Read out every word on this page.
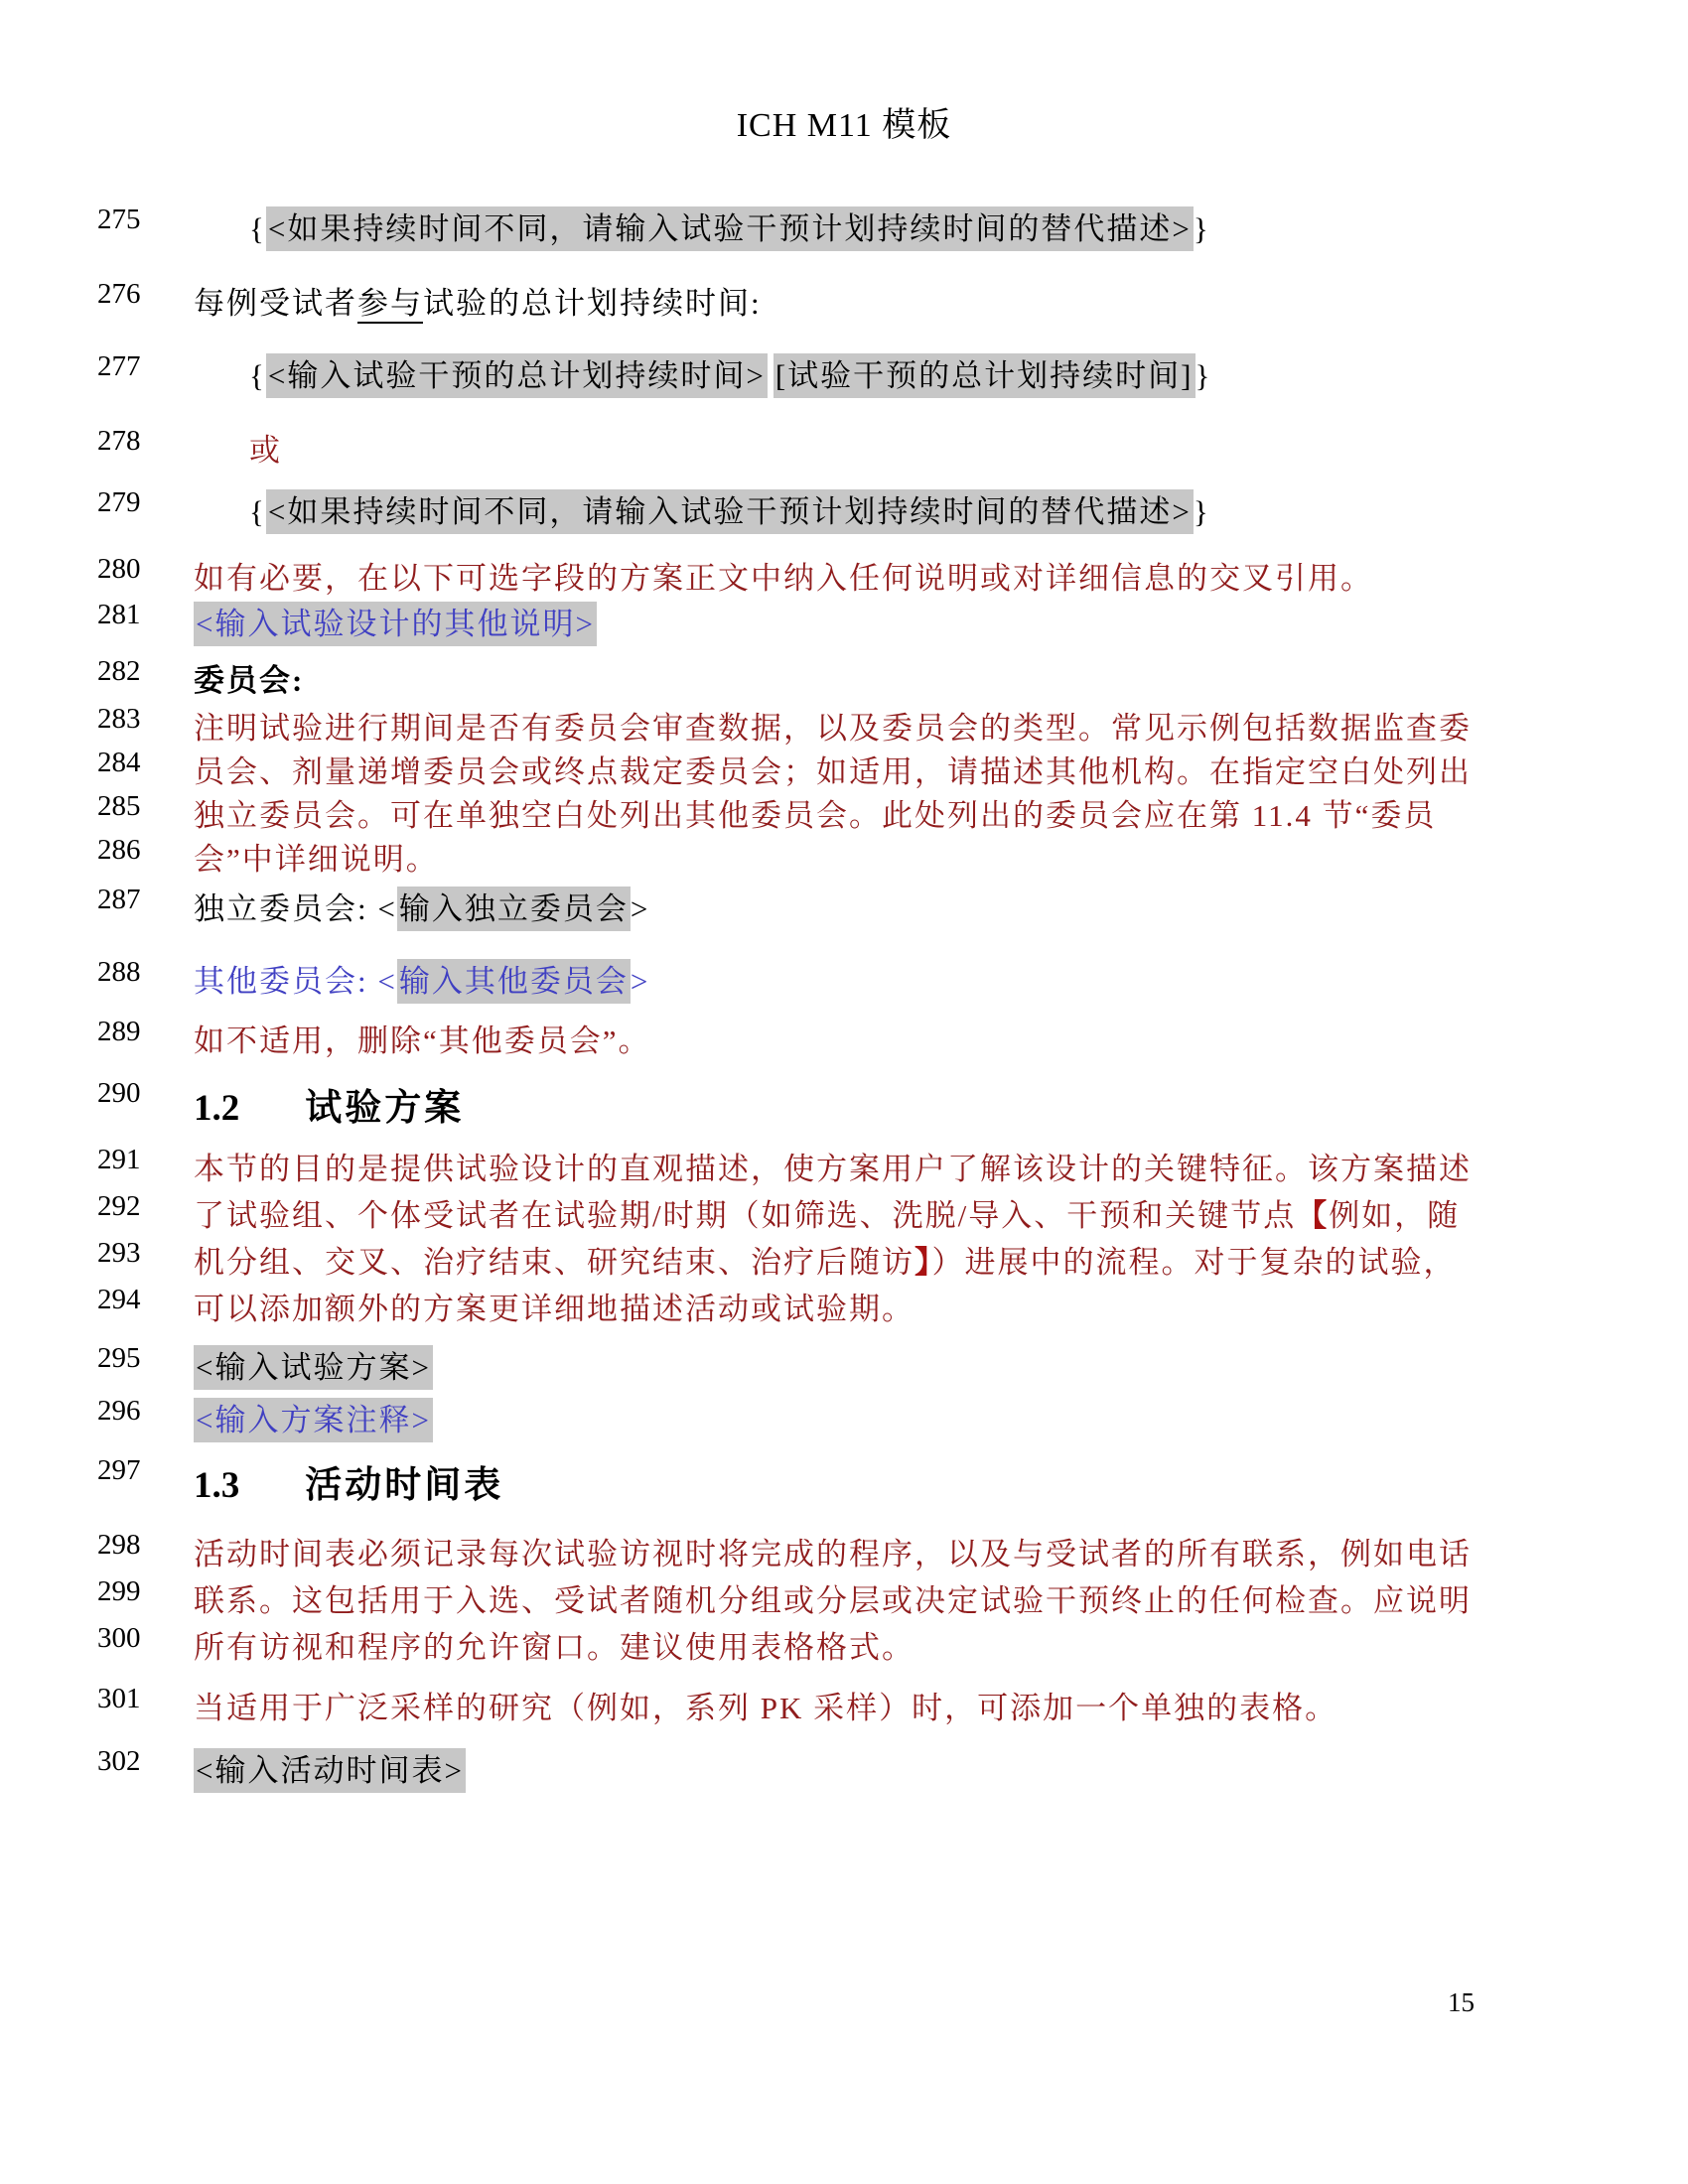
ICH M11 模板
275	{<如果持续时间不同，请输入试验干预计划持续时间的替代描述>}
276 每例受试者参与试验的总计划持续时间:
277	{<输入试验干预的总计划持续时间> [试验干预的总计划持续时间]}
278	或
279	{<如果持续时间不同，请输入试验干预计划持续时间的替代描述>}
280 如有必要，在以下可选字段的方案正文中纳入任何说明或对详细信息的交叉引用。
281 <输入试验设计的其他说明>
282 委员会:
283 注明试验进行期间是否有委员会审查数据，以及委员会的类型。常见示例包括数据监查委
284 员会、剂量递增委员会或终点裁定委员会；如适用，请描述其他机构。在指定空白处列出
285 独立委员会。可在单独空白处列出其他委员会。此处列出的委员会应在第 11.4 节“委员
286 会”中详细说明。
287 独立委员会: <输入独立委员会>
288 其他委员会: <输入其他委员会>
289 如不适用，删除“其他委员会”。
290 1.2 试验方案
291 本节的目的是提供试验设计的直观描述，使方案用户了解该设计的关键特征。该方案描述
292 了试验组、个体受试者在试验期/时期（如筛选、洗脱/导入、干预和关键节点【例如，随
293 机分组、交叉、治疗结束、研究结束、治疗后随访】）进展中的流程。对于复杂的试验，
294 可以添加额外的方案更详细地描述活动或试验期。
295 <输入试验方案>
296 <输入方案注释>
297 1.3 活动时间表
298 活动时间表必须记录每次试验访视时将完成的程序，以及与受试者的所有联系，例如电话
299 联系。这包括用于入选、受试者随机分组或分层或决定试验干预终止的任何检查。应说明
300 所有访视和程序的允许窗口。建议使用表格格式。
301 当适用于广泛采样的研究（例如，系列 PK 采样）时，可添加一个单独的表格。
302 <输入活动时间表>
15
